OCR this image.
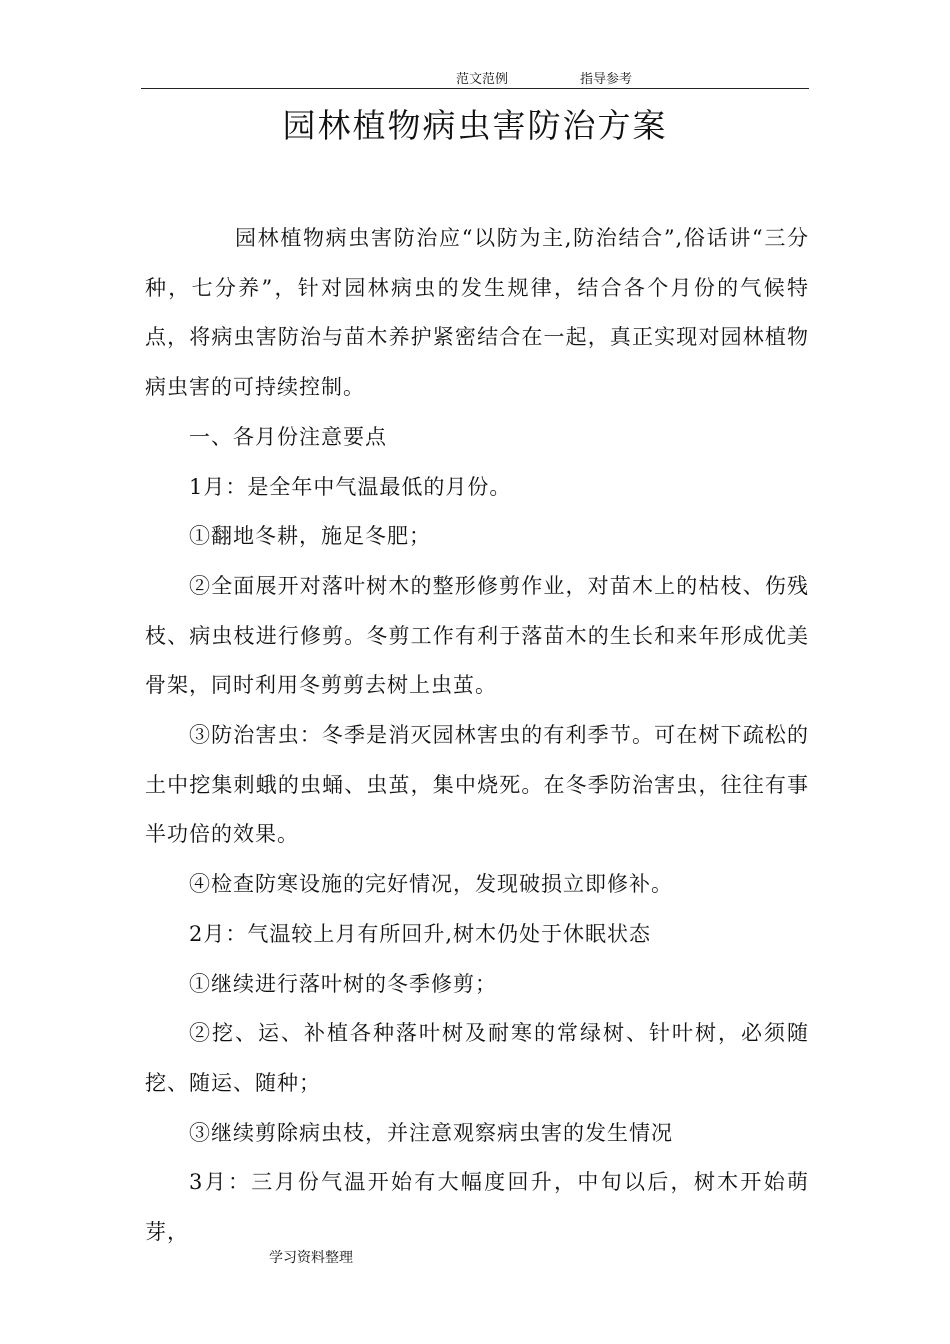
范文范例	指导参考
园林植物病虫害防治方案

园林植物病虫害防治应“以防为主,防治结合”,俗话讲“三分种，七分养”，针对园林病虫的发生规律，结合各个月份的气候特点，将病虫害防治与苗木养护紧密结合在一起，真正实现对园林植物病虫害的可持续控制。

一、各月份注意要点

1月：是全年中气温最低的月份。

①翻地冬耕，施足冬肥；

②全面展开对落叶树木的整形修剪作业，对苗木上的枯枝、伤残枝、病虫枝进行修剪。冬剪工作有利于落苗木的生长和来年形成优美骨架，同时利用冬剪剪去树上虫茧。

③防治害虫：冬季是消灭园林害虫的有利季节。可在树下疏松的土中挖集刺蛾的虫蛹、虫茧，集中烧死。在冬季防治害虫，往往有事半功倍的效果。

④检查防寒设施的完好情况，发现破损立即修补。

2月：气温较上月有所回升,树木仍处于休眠状态

①继续进行落叶树的冬季修剪；

②挖、运、补植各种落叶树及耐寒的常绿树、针叶树，必须随挖、随运、随种；

③继续剪除病虫枝，并注意观察病虫害的发生情况

3月：三月份气温开始有大幅度回升，中旬以后，树木开始萌芽，

学习资料整理
